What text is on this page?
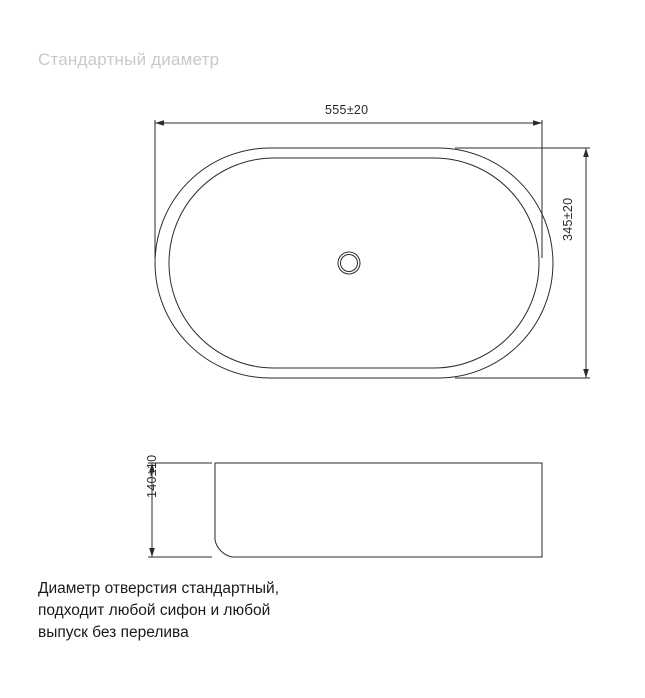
Стандартный диаметр
555±20
345±20
140±10
Диаметр отверстия стандартный,
подходит любой сифон и любой
выпуск без перелива
